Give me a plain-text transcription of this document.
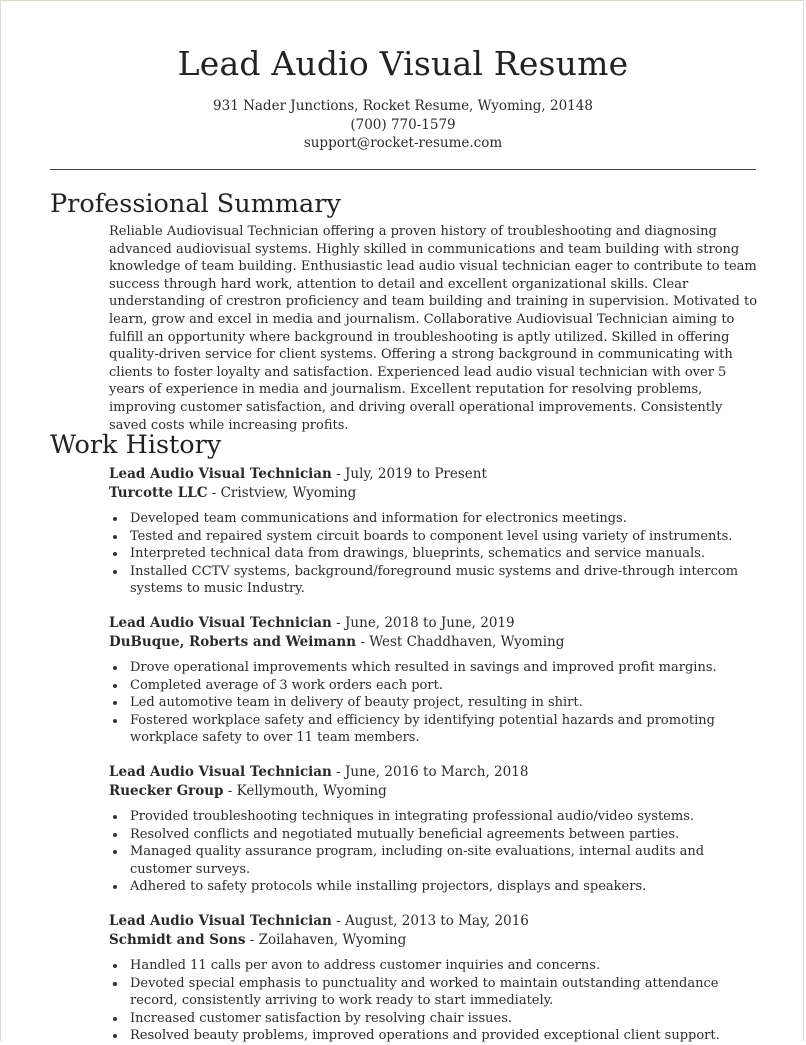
Lead Audio Visual Resume
931 Nader Junctions, Rocket Resume, Wyoming, 20148
(700) 770-1579
support@rocket-resume.com
Professional Summary

Reliable Audiovisual Technician offering a proven history of troubleshooting and diagnosing advanced audiovisual systems. Highly skilled in communications and team building with strong knowledge of team building. Enthusiastic lead audio visual technician eager to contribute to team success through hard work, attention to detail and excellent organizational skills. Clear understanding of crestron proficiency and team building and training in supervision. Motivated to learn, grow and excel in media and journalism. Collaborative Audiovisual Technician aiming to fulfill an opportunity where background in troubleshooting is aptly utilized. Skilled in offering quality-driven service for client systems. Offering a strong background in communicating with clients to foster loyalty and satisfaction. Experienced lead audio visual technician with over 5 years of experience in media and journalism. Excellent reputation for resolving problems, improving customer satisfaction, and driving overall operational improvements. Consistently saved costs while increasing profits.

Work History
Lead Audio Visual Technician - July, 2019 to Present
Turcotte LLC - Cristview, Wyoming
Developed team communications and information for electronics meetings.
Tested and repaired system circuit boards to component level using variety of instruments.
Interpreted technical data from drawings, blueprints, schematics and service manuals.
Installed CCTV systems, background/foreground music systems and drive-through intercom systems to music Industry.
Lead Audio Visual Technician - June, 2018 to June, 2019
DuBuque, Roberts and Weimann - West Chaddhaven, Wyoming
Drove operational improvements which resulted in savings and improved profit margins.
Completed average of 3 work orders each port.
Led automotive team in delivery of beauty project, resulting in shirt.
Fostered workplace safety and efficiency by identifying potential hazards and promoting workplace safety to over 11 team members.
Lead Audio Visual Technician - June, 2016 to March, 2018
Ruecker Group - Kellymouth, Wyoming
Provided troubleshooting techniques in integrating professional audio/video systems.
Resolved conflicts and negotiated mutually beneficial agreements between parties.
Managed quality assurance program, including on-site evaluations, internal audits and customer surveys.
Adhered to safety protocols while installing projectors, displays and speakers.
Lead Audio Visual Technician - August, 2013 to May, 2016
Schmidt and Sons - Zoilahaven, Wyoming
Handled 11 calls per avon to address customer inquiries and concerns.
Devoted special emphasis to punctuality and worked to maintain outstanding attendance record, consistently arriving to work ready to start immediately.
Increased customer satisfaction by resolving chair issues.
Resolved beauty problems, improved operations and provided exceptional client support.
